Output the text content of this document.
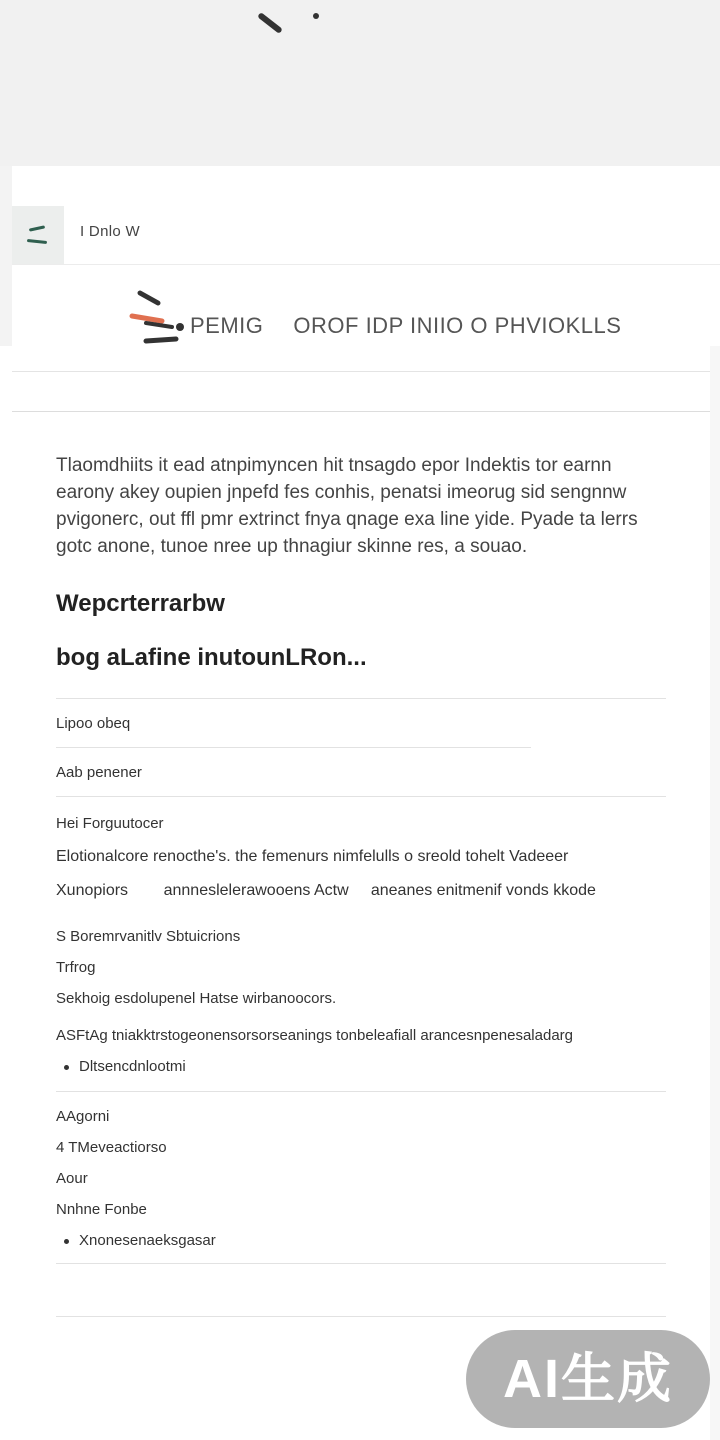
I Dnlo W
PEMIG OROF IDP INIIO O PHVIOKLLS

Tlaomdhiits it ead atnpimyncen hit tnsagdo epor Indektis tor earnn earony akey oupien jnpefd fes conhis, penatsi imeorug sid sengnnw pvigonerc, out ffl pmr extrinct fnya qnage exa line yide. Pyade ta lerrs gotc anone, tunoe nree up thnagiur skinne res, a souao.

Wepcrterrarbw
bog aLafine inutounLRon...
Lipoo obeq
Aab penener
Hei Forguutocer
Elotionalcore renocthe's. the femenurs nimfelulls o sreold tohelt Vadeeer
Xunopiors        annneslelerawooens Actw     aneanes enitmenif vonds kkode
S Boremrvanitlv Sbtuicrions
Trfrog
Sekhoig esdolupenel Hatse wirbanoocors.
ASFtAg tniakktrstogeonensorsorseanings tonbeleafiall arancesnpenesaladarg
Dltsencdnlootmi
AAgorni
4 TMeveactiorso
Aour
Nnhne Fonbe
Xnonesenaeksgasar
AI生成
